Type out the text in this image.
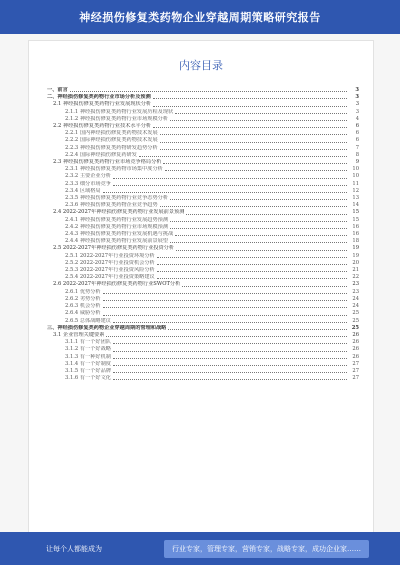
神经损伤修复类药物企业穿越周期策略研究报告
内容目录
一、前言	3
二、神经损伤修复类药物行业市场分析及预测	3
2.1 神经损伤修复类药物行业发展现状分析	3
2.1.1 神经损伤修复类药物行业发展历程及现状	3
2.1.2 神经损伤修复类药物行业市场规模分析	4
2.2 神经损伤修复类药物行业技术水平分析	6
2.2.1 国内神经损伤修复类药物技术发展	6
2.2.2 国际神经损伤修复类药物技术发展	6
2.2.3 神经损伤修复类药物研发趋势分析	7
2.2.4 国际神经损伤修复药研发	8
2.3 神经损伤修复类药物行业市场竞争格局分析	9
2.3.1 神经损伤修复类药物市场集中度分析	10
2.3.2 主要企业分析	10
2.3.3 细分市场竞争	11
2.3.4 区域格局	12
2.3.5 神经损伤修复类药物行业竞争态势分析	13
2.3.6 神经损伤修复类药物企业竞争趋势	14
2.4 2022-2027年神经损伤修复类药物行业发展前景预测	15
2.4.1 神经损伤修复类药物行业发展趋势预测	15
2.4.2 神经损伤修复类药物行业市场规模预测	16
2.4.3 神经损伤修复类药物行业发展机遇与挑战	16
2.4.4 神经损伤修复类药物行业发展前景展望	18
2.5 2022-2027年神经损伤修复类药物行业投资分析	19
2.5.1 2022-2027年行业投资环境分析	19
2.5.2 2022-2027年行业投资机会分析	20
2.5.3 2022-2027年行业投资风险分析	21
2.5.4 2022-2027年行业投资策略建议	22
2.6 2022-2027年神经损伤修复类药物行业SWOT分析	23
2.6.1 优势分析	23
2.6.2 劣势分析	24
2.6.3 机会分析	24
2.6.4 威胁分析	25
2.6.5 总体战略建议	25
三、神经损伤修复类药物企业穿越周期的管理和战略	25
3.1 企业管理关键要素	26
3.1.1 有一个好团队	26
3.1.2 有一个好战略	26
3.1.3 有一种好机制	26
3.1.4 有一个好制度	27
3.1.5 有一个好品牌	27
3.1.6 有一个好文化	27
让每个人都能成为	行业专家，管理专家，营销专家，战略专家，成功企业家……
